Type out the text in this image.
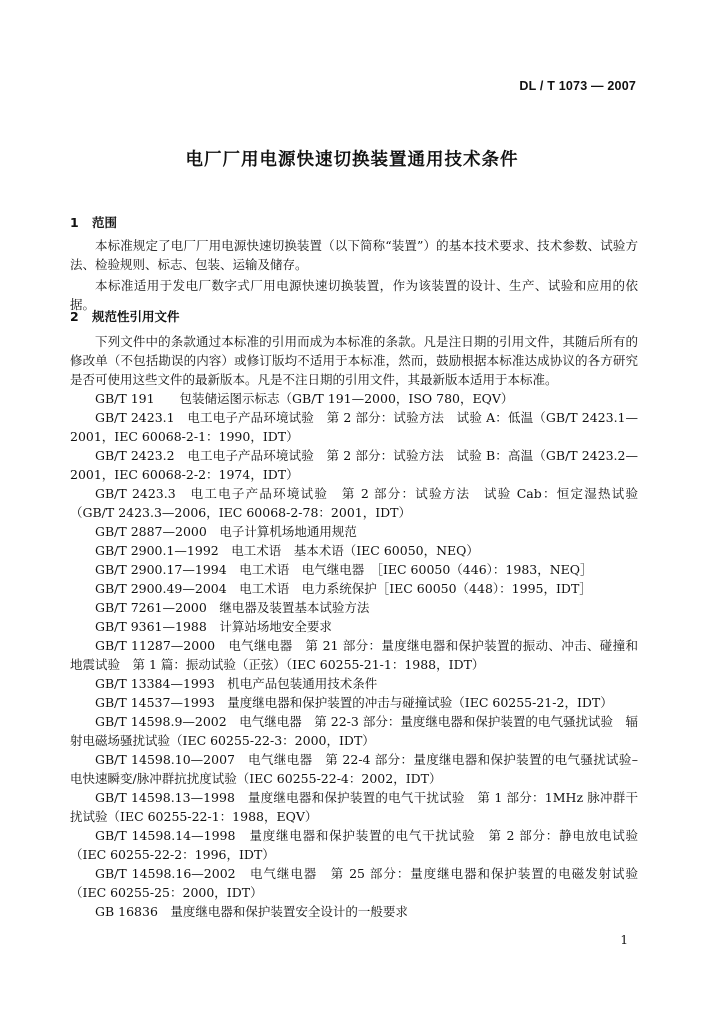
DL / T 1073 — 2007
电厂厂用电源快速切换装置通用技术条件
1 范围
本标准规定了电厂厂用电源快速切换装置（以下简称“装置”）的基本技术要求、技术参数、试验方法、检验规则、标志、包装、运输及储存。
本标准适用于发电厂数字式厂用电源快速切换装置，作为该装置的设计、生产、试验和应用的依据。
2 规范性引用文件
下列文件中的条款通过本标准的引用而成为本标准的条款。凡是注日期的引用文件，其随后所有的修改单（不包括勘误的内容）或修订版均不适用于本标准，然而，鼓励根据本标准达成协议的各方研究是否可使用这些文件的最新版本。凡是不注日期的引用文件，其最新版本适用于本标准。
GB/T 191　　包装储运图示标志（GB/T 191—2000，ISO 780，EQV）
GB/T 2423.1　电工电子产品环境试验　第 2 部分：试验方法　试验 A：低温（GB/T 2423.1—2001，IEC 60068-2-1：1990，IDT）
GB/T 2423.2　电工电子产品环境试验　第 2 部分：试验方法　试验 B：高温（GB/T 2423.2—2001，IEC 60068-2-2：1974，IDT）
GB/T 2423.3　电工电子产品环境试验　第 2 部分：试验方法　试验 Cab：恒定湿热试验（GB/T 2423.3—2006，IEC 60068-2-78：2001，IDT）
GB/T 2887—2000　电子计算机场地通用规范
GB/T 2900.1—1992　电工术语　基本术语（IEC 60050，NEQ）
GB/T 2900.17—1994　电工术语　电气继电器　［IEC 60050（446）：1983，NEQ］
GB/T 2900.49—2004　电工术语　电力系统保护［IEC 60050（448）：1995，IDT］
GB/T 7261—2000　继电器及装置基本试验方法
GB/T 9361—1988　计算站场地安全要求
GB/T 11287—2000　电气继电器　第 21 部分：量度继电器和保护装置的振动、冲击、碰撞和地震试验　第 1 篇：振动试验（正弦）（IEC 60255-21-1：1988，IDT）
GB/T 13384—1993　机电产品包装通用技术条件
GB/T 14537—1993　量度继电器和保护装置的冲击与碰撞试验（IEC 60255-21-2，IDT）
GB/T 14598.9—2002　电气继电器　第 22-3 部分：量度继电器和保护装置的电气骚扰试验　辐射电磁场骚扰试验（IEC 60255-22-3：2000，IDT）
GB/T 14598.10—2007　电气继电器　第 22-4 部分：量度继电器和保护装置的电气骚扰试验–电快速瞬变/脉冲群抗扰度试验（IEC 60255-22-4：2002，IDT）
GB/T 14598.13—1998　量度继电器和保护装置的电气干扰试验　第 1 部分：1MHz 脉冲群干扰试验（IEC 60255-22-1：1988，EQV）
GB/T 14598.14—1998　量度继电器和保护装置的电气干扰试验　第 2 部分：静电放电试验（IEC 60255-22-2：1996，IDT）
GB/T 14598.16—2002　电气继电器　第 25 部分：量度继电器和保护装置的电磁发射试验（IEC 60255-25：2000，IDT）
GB 16836　量度继电器和保护装置安全设计的一般要求
1
